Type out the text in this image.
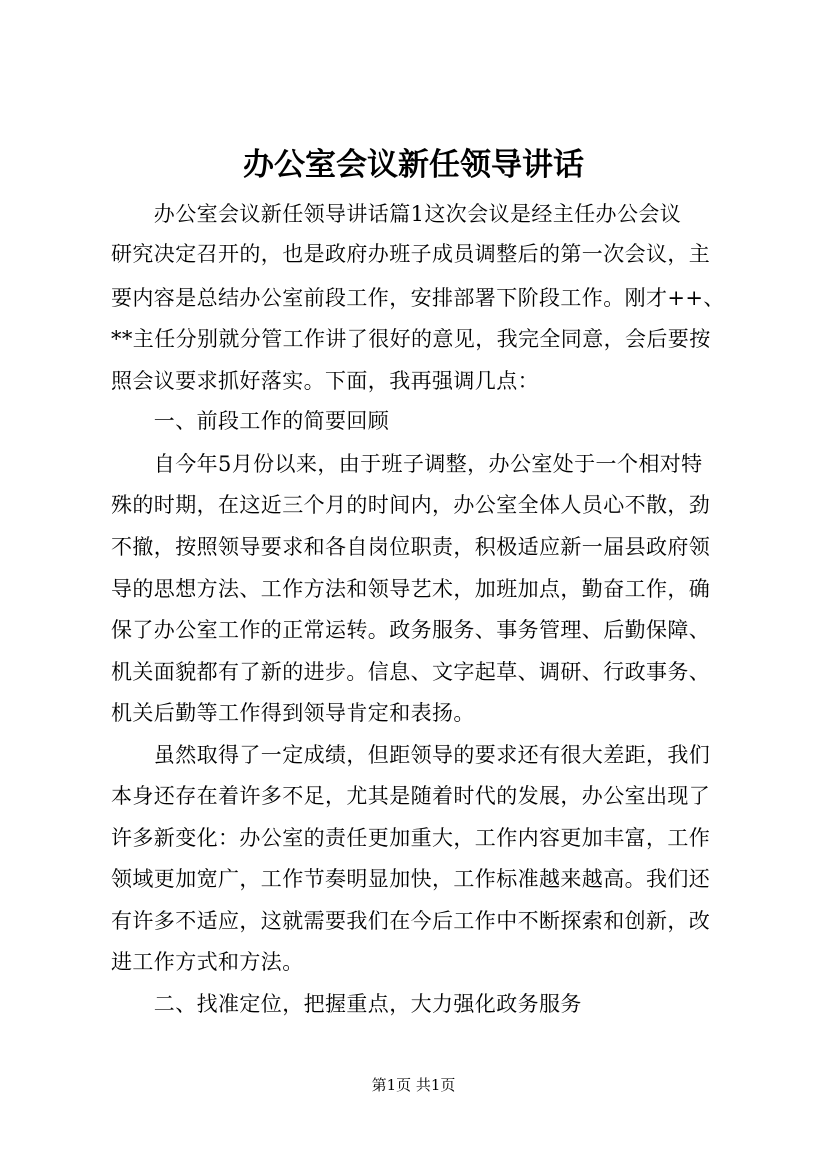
办公室会议新任领导讲话
　　办公室会议新任领导讲话篇1这次会议是经主任办公会议
研究决定召开的，也是政府办班子成员调整后的第一次会议，主
要内容是总结办公室前段工作，安排部署下阶段工作。刚才++、
**主任分别就分管工作讲了很好的意见，我完全同意，会后要按
照会议要求抓好落实。下面，我再强调几点：
　　一、前段工作的简要回顾
　　自今年5月份以来，由于班子调整，办公室处于一个相对特
殊的时期，在这近三个月的时间内，办公室全体人员心不散，劲
不撤，按照领导要求和各自岗位职责，积极适应新一届县政府领
导的思想方法、工作方法和领导艺术，加班加点，勤奋工作，确
保了办公室工作的正常运转。政务服务、事务管理、后勤保障、
机关面貌都有了新的进步。信息、文字起草、调研、行政事务、
机关后勤等工作得到领导肯定和表扬。
　　虽然取得了一定成绩，但距领导的要求还有很大差距，我们
本身还存在着许多不足，尤其是随着时代的发展，办公室出现了
许多新变化：办公室的责任更加重大，工作内容更加丰富，工作
领域更加宽广，工作节奏明显加快，工作标准越来越高。我们还
有许多不适应，这就需要我们在今后工作中不断探索和创新，改
进工作方式和方法。
　　二、找准定位，把握重点，大力强化政务服务
第1页 共1页
